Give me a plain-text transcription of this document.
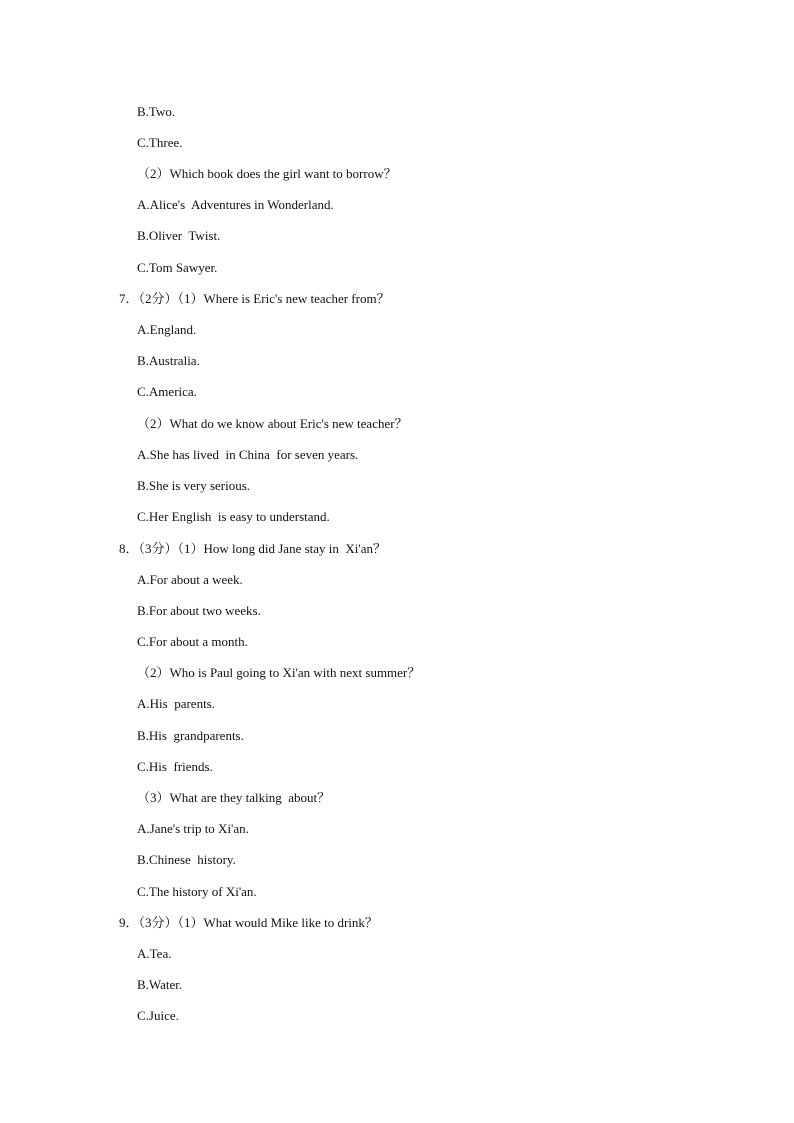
B.Two.
C.Three.
（2）Which book does the girl want to borrow？
A.Alice's  Adventures in Wonderland.
B.Oliver  Twist.
C.Tom Sawyer.
7．（2分）（1）Where is Eric's new teacher from？
A.England.
B.Australia.
C.America.
（2）What do we know about Eric's new teacher？
A.She has lived  in China  for seven years.
B.She is very serious.
C.Her English  is easy to understand.
8．（3分）（1）How long did Jane stay in  Xi'an？
A.For about a week.
B.For about two weeks.
C.For about a month.
（2）Who is Paul going to Xi'an with next summer？
A.His  parents.
B.His  grandparents.
C.His  friends.
（3）What are they talking  about？
A.Jane's trip to Xi'an.
B.Chinese  history.
C.The history of Xi'an.
9．（3分）（1）What would Mike like to drink？
A.Tea.
B.Water.
C.Juice.
